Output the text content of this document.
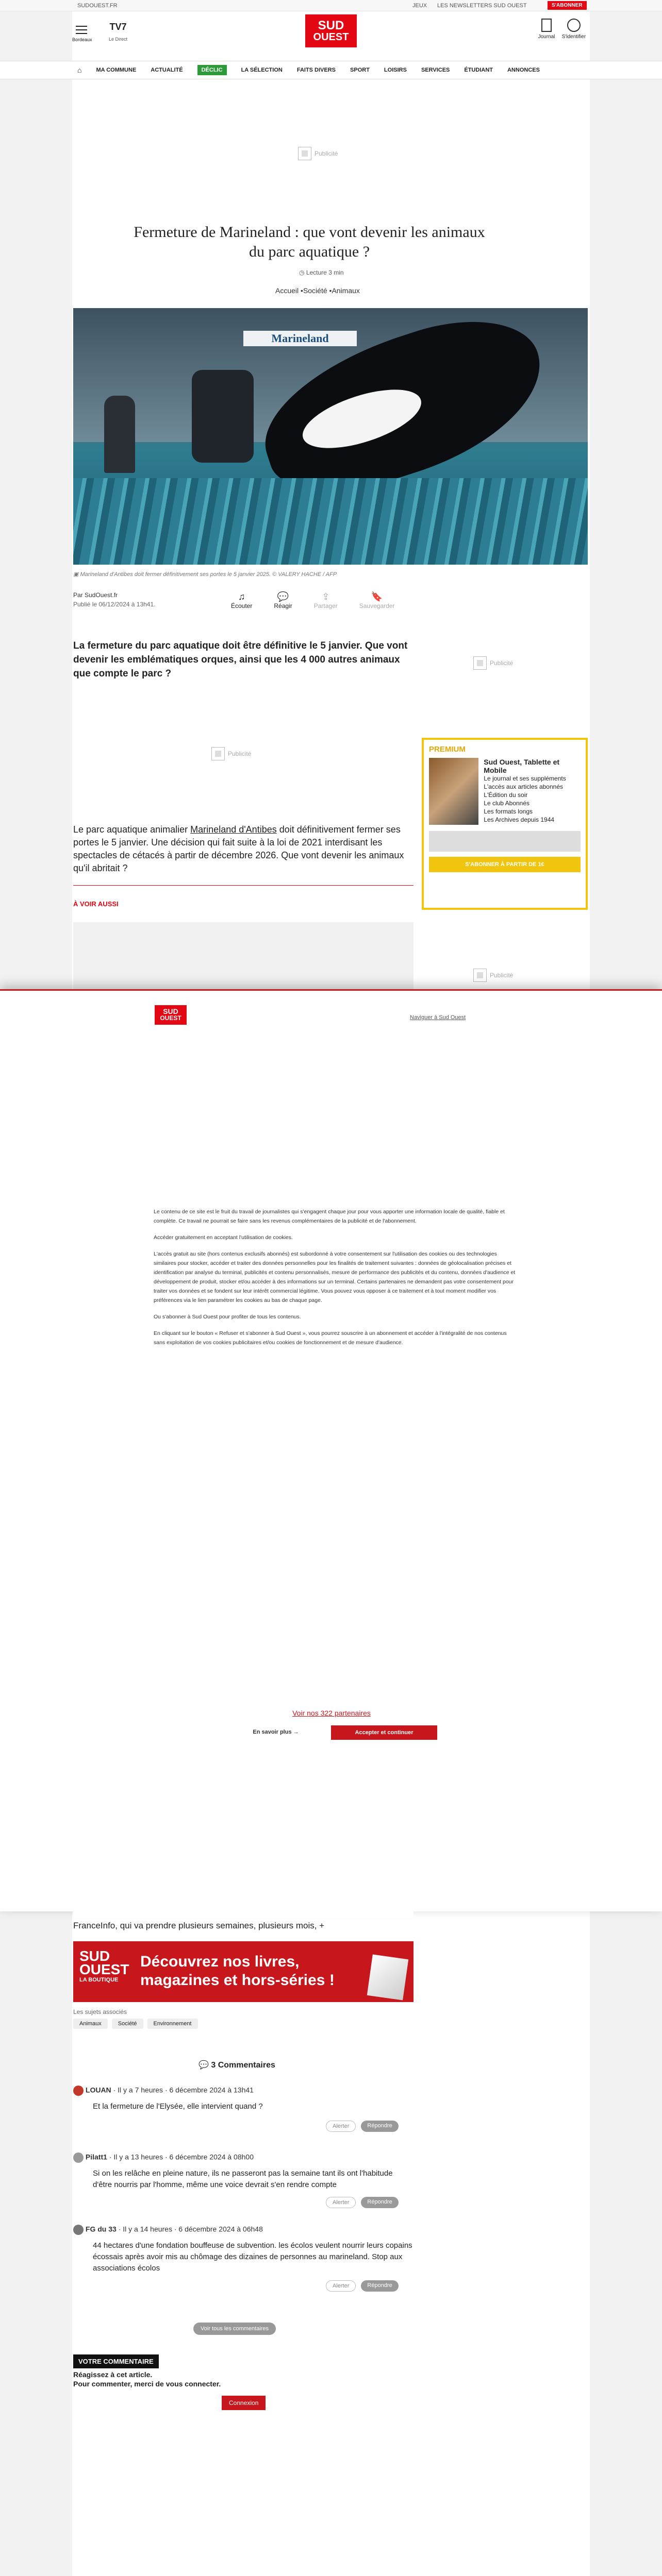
SUDOUEST.FR	JEUX LES NEWSLETTERS SUD OUEST	S'ABONNER
Bordeaux
TV7
Le Direct
SUD
OUEST	Journal	S'identifier
⌂	MA COMMUNE	ACTUALITÉ	DÉCLIC	LA SÉLECTION	FAITS DIVERS	SPORT	LOISIRS	SERVICES	ÉTUDIANT	ANNONCES
Publicité
Fermeture de Marineland : que vont devenir les animaux du parc aquatique ?
◷ Lecture 3 min
Accueil •Société •Animaux
Marineland
▣ Marineland d'Antibes doit fermer définitivement ses portes le 5 janvier 2025. © VALERY HACHE / AFP
Par SudOuest.fr
Publié le 06/12/2024 à 13h41.
♫
Écouter
💬
Réagir
⇪
Partager
🔖
Sauvegarder
La fermeture du parc aquatique doit être définitive le 5 janvier. Que vont devenir les emblématiques orques, ainsi que les 4 000 autres animaux que compte le parc ?
Publicité
Publicité	PREMIUM
Sud Ouest, Tablette et Mobile
Le journal et ses suppléments
L'accès aux articles abonnés
L'Édition du soir
Le club Abonnés
Les formats longs
Les Archives depuis 1944
S'ABONNER À PARTIR DE 1€
Le parc aquatique animalier Marineland d'Antibes doit définitivement fermer ses portes le 5 janvier. Une décision qui fait suite à la loi de 2021 interdisant les spectacles de cétacés à partir de décembre 2026. Que vont devenir les animaux qu'il abritait ?
À VOIR AUSSI
Publicité
SUD
OUEST	Naviguer à Sud Ouest

Le contenu de ce site est le fruit du travail de journalistes qui s'engagent chaque jour pour vous apporter une information locale de qualité, fiable et complète. Ce travail ne pourrait se faire sans les revenus complémentaires de la publicité et de l'abonnement.

Accéder gratuitement en acceptant l'utilisation de cookies.

L'accès gratuit au site (hors contenus exclusifs abonnés) est subordonné à votre consentement sur l'utilisation des cookies ou des technologies similaires pour stocker, accéder et traiter des données personnelles pour les finalités de traitement suivantes : données de géolocalisation précises et identification par analyse du terminal, publicités et contenu personnalisés, mesure de performance des publicités et du contenu, données d'audience et développement de produit, stocker et/ou accéder à des informations sur un terminal. Certains partenaires ne demandent pas votre consentement pour traiter vos données et se fondent sur leur intérêt commercial légitime. Vous pouvez vous opposer à ce traitement et à tout moment modifier vos préférences via le lien paramétrer les cookies au bas de chaque page.

Ou s'abonner à Sud Ouest pour profiter de tous les contenus.

En cliquant sur le bouton « Refuser et s'abonner à Sud Ouest », vous pourrez souscrire à un abonnement et accéder à l'intégralité de nos contenus sans exploitation de vos cookies publicitaires et/ou cookies de fonctionnement et de mesure d'audience.

Voir nos 322 partenaires
En savoir plus →	Accepter et continuer
FranceInfo, qui va prendre plusieurs semaines, plusieurs mois, +
SUD
OUEST
LA BOUTIQUE
Découvrez nos livres,
magazines et hors-séries !
Les sujets associés
Animaux	Société	Environnement
💬 3 Commentaires
LOUAN · Il y a 7 heures · 6 décembre 2024 à 13h41
Et la fermeture de l'Elysée, elle intervient quand ?
Alerter	Répondre
Pilatt1 · Il y a 13 heures · 6 décembre 2024 à 08h00
Si on les relâche en pleine nature, ils ne passeront pas la semaine tant ils ont l'habitude d'être nourris par l'homme, même une voice devrait s'en rendre compte
Alerter	Répondre
FG du 33 · Il y a 14 heures · 6 décembre 2024 à 06h48
44 hectares d'une fondation bouffeuse de subvention. les écolos veulent nourrir leurs copains écossais après avoir mis au chômage des dizaines de personnes au marineland. Stop aux associations écolos
Alerter	Répondre
Voir tous les commentaires
VOTRE COMMENTAIRE
Réagissez à cet article.
Pour commenter, merci de vous connecter.
Connexion
